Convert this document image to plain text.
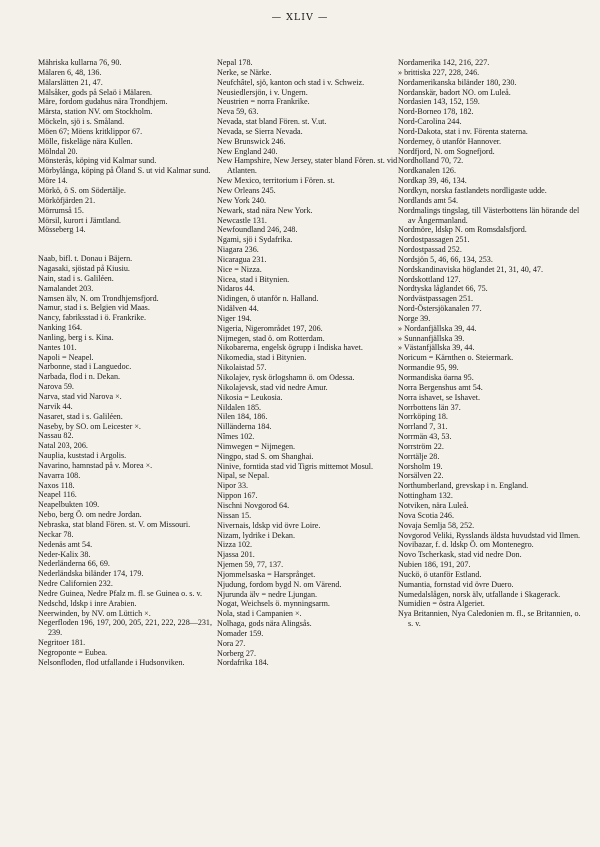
— XLIV —
Mähriska kullarna 76, 90.
Mälaren 6, 48, 136.
Mälarslätten 21, 47.
Mälsåker, gods på Selaö i Mälaren.
Märe, fordom gudahus nära Trondhjem.
Märsta, station NV. om Stockholm.
Möckeln, sjö i s. Småland.
Möen 67; Möens kritklippor 67.
Mölle, fiskeläge nära Kullen.
Mölndal 20.
Mönsterås, köping vid Kalmar sund.
Mörbylånga, köping på Öland S. ut vid Kalmar sund.
Möre 14.
Mörkö, ö S. om Södertälje.
Mörköfjärden 21.
Mörrumså 15.
Mörsil, kurort i Jämtland.
Mösseberg 14.
Naab, bifl. t. Donau i Bäjern.
Nagasaki, sjöstad på Kiusiu.
Nain, stad i s. Galiléen.
Namalandet 203.
Namsen älv, N. om Trondhjemsfjord.
Namur, stad i s. Belgien vid Maas.
Nancy, fabriksstad i ö. Frankrike.
Nanking 164.
Nanling, berg i s. Kina.
Nantes 101.
Napoli = Neapel.
Narbonne, stad i Languedoc.
Narbada, flod i n. Dekan.
Narova 59.
Narva, stad vid Narova ×.
Narvik 44.
Nasaret, stad i s. Galiléen.
Naseby, by SO. om Leicester ×.
Nassau 82.
Natal 203, 206.
Nauplia, kuststad i Argolis.
Navarino, hamnstad på v. Morea ×.
Navarra 108.
Naxos 118.
Neapel 116.
Neapelbukten 109.
Nebo, berg Ö. om nedre Jordan.
Nebraska, stat bland Fören. st. V. om Missouri.
Neckar 78.
Nedenäs amt 54.
Neder-Kalix 38.
Nederländerna 66, 69.
Nederländska biländer 174, 179.
Nedre Californien 232.
Nedre Guinea, Nedre Pfalz m. fl. se Guinea o. s. v.
Nedschd, ldskp i inre Arabien.
Neerwinden, by NV. om Lüttich ×.
Negerfloden 196, 197, 200, 205, 221, 222, 228—231, 239.
Negritoer 181.
Negroponte = Eubea.
Nelsonfloden, flod utfallande i Hudsonviken.
Nepal 178.
Nerke, se Närke.
Neufchâtel, sjö, kanton och stad i v. Schweiz.
Neusiedlersjön, i v. Ungern.
Neustrien = norra Frankrike.
Neva 59, 63.
Nevada, stat bland Fören. st. V.ut.
Nevada, se Sierra Nevada.
New Brunswick 246.
New England 240.
New Hampshire, New Jersey, stater bland Fören. st. vid Atlanten.
New Mexico, territorium i Fören. st.
New Orleans 245.
New York 240.
Newark, stad nära New York.
Newcastle 131.
Newfoundland 246, 248.
Ngami, sjö i Sydafrika.
Niagara 236.
Nicaragua 231.
Nice = Nizza.
Nicea, stad i Bitynien.
Nidaros 44.
Nidingen, ö utanför n. Halland.
Nidälven 44.
Niger 194.
Nigeria, Nigerområdet 197, 206.
Nijmegen, stad ö. om Rotterdam.
Nikobarerna, engelsk ögrupp i Indiska havet.
Nikomedia, stad i Bitynien.
Nikolaistad 57.
Nikolajev, rysk örlogshamn ö. om Odessa.
Nikolajevsk, stad vid nedre Amur.
Nikosia = Leukosia.
Nildalen 185.
Nilen 184, 186.
Nilländerna 184.
Nîmes 102.
Nimwegen = Nijmegen.
Ningpo, stad S. om Shanghai.
Ninive, forntida stad vid Tigris mittemot Mosul.
Nipal, se Nepal.
Nipor 33.
Nippon 167.
Nischni Novgorod 64.
Nissan 15.
Nivernais, ldskp vid övre Loire.
Nizam, lydrike i Dekan.
Nizza 102.
Njassa 201.
Njemen 59, 77, 137.
Njommelsaska = Harsprånget.
Njudung, fordom bygd N. om Värend.
Njurunda älv = nedre Ljungan.
Nogat, Weichsels ö. mynningsarm.
Nola, stad i Campanien ×.
Nolhaga, gods nära Alingsås.
Nomader 159.
Nora 27.
Norberg 27.
Nordafrika 184.
Nordamerika 142, 216, 227.
» brittiska 227, 228, 246.
Nordamerikanska biländer 180, 230.
Nordanskär, badort NO. om Luleå.
Nordasien 143, 152, 159.
Nord-Borneo 178, 182.
Nord-Carolina 244.
Nord-Dakota, stat i nv. Förenta staterna.
Norderney, ö utanför Hannover.
Nordfjord, N. om Sognefjord.
Nordholland 70, 72.
Nordkanalen 126.
Nordkap 39, 46, 134.
Nordkyn, norska fastlandets nordligaste udde.
Nordlands amt 54.
Nordmalings tingslag, till Västerbottens län hörande del av Ångermanland.
Nordmöre, ldskp N. om Romsdalsfjord.
Nordostpassagen 251.
Nordostpassad 252.
Nordsjön 5, 46, 66, 134, 253.
Nordskandinaviska höglandet 21, 31, 40, 47.
Nordskottland 127.
Nordtyska låglandet 66, 75.
Nordvästpassagen 251.
Nord-Östersjökanalen 77.
Norge 39.
» Nordanfjällska 39, 44.
» Sunnanfjällska 39.
» Västanfjällska 39, 44.
Noricum = Kärnthen o. Steiermark.
Normandie 95, 99.
Normandiska öarna 95.
Norra Bergenshus amt 54.
Norra ishavet, se Ishavet.
Norrbottens län 37.
Norrköping 18.
Norrland 7, 31.
Norrmän 43, 53.
Norrström 22.
Norrtälje 28.
Norsholm 19.
Norsälven 22.
Northumberland, grevskap i n. England.
Nottingham 132.
Notviken, nära Luleå.
Nova Scotia 246.
Novaja Semlja 58, 252.
Novgorod Veliki, Rysslands äldsta huvudstad vid Ilmen.
Novibazar, f. d. ldskp Ö. om Montenegro.
Novo Tscherkask, stad vid nedre Don.
Nubien 186, 191, 207.
Nuckö, ö utanför Estland.
Numantia, fornstad vid övre Duero.
Numedalslågen, norsk älv, utfallande i Skagerack.
Numidien = östra Algeriet.
Nya Britannien, Nya Caledonien m. fl., se Britannien, o. s. v.
